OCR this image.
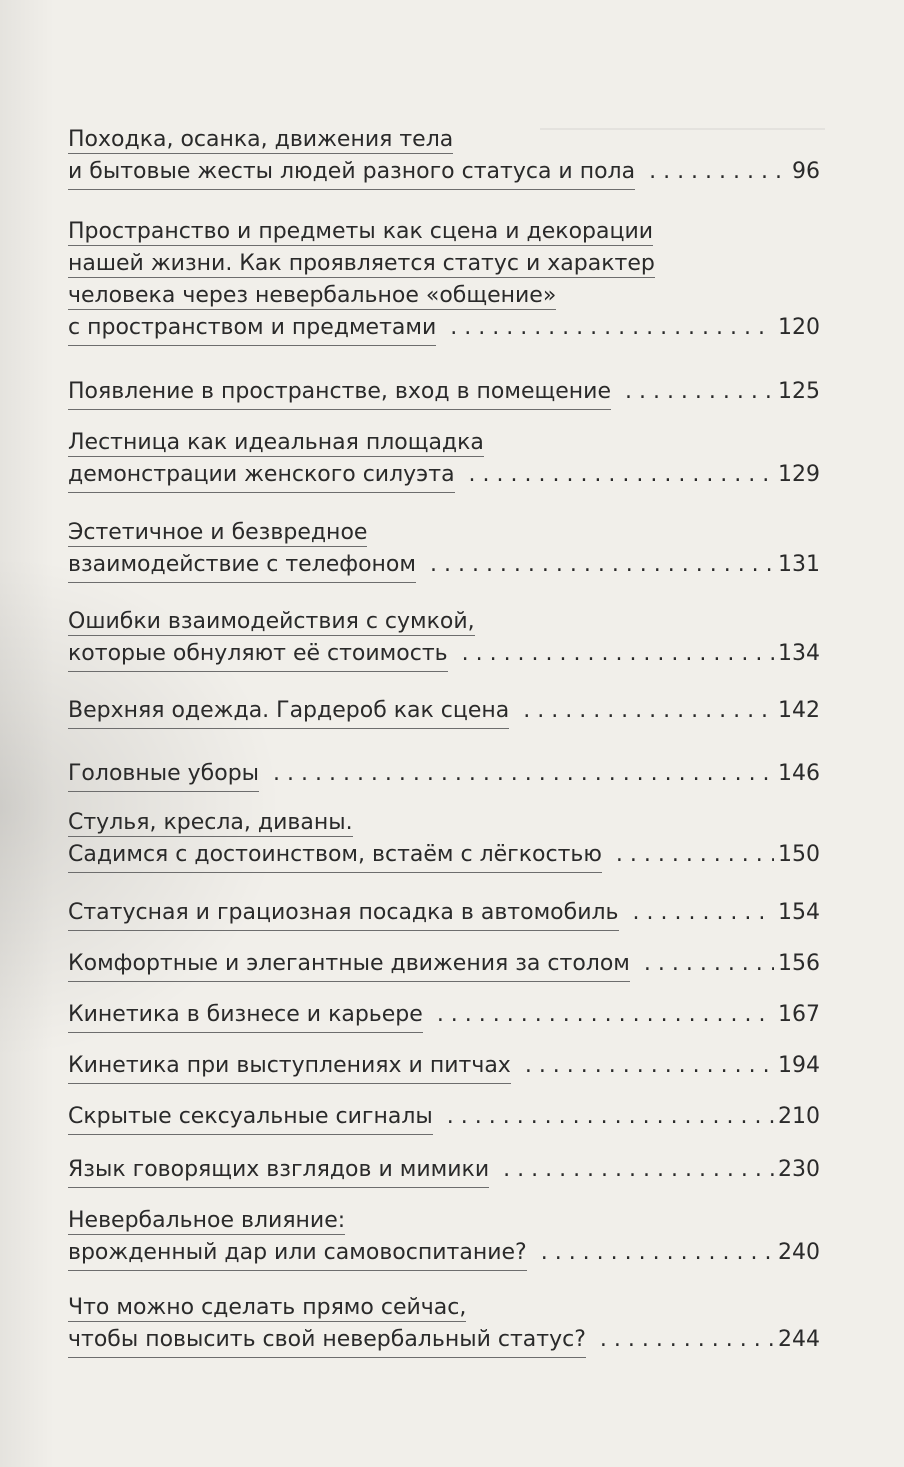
Походка, осанка, движения тела
и бытовые жесты людей разного статуса и пола . . .	96
Пространство и предметы как сцена и декорации
нашей жизни. Как проявляется статус и характер
человека через невербальное «общение»
с пространством и предметами . . .	120
Появление в пространстве, вход в помещение . . .	125
Лестница как идеальная площадка
демонстрации женского силуэта . . .	129
Эстетичное и безвредное
взаимодействие с телефоном . . .	131
Ошибки взаимодействия с сумкой,
которые обнуляют её стоимость . . .	134
Верхняя одежда. Гардероб как сцена . . .	142
Головные уборы . . .	146
Стулья, кресла, диваны.
Садимся с достоинством, встаём с лёгкостью . . .	150
Статусная и грациозная посадка в автомобиль . . .	154
Комфортные и элегантные движения за столом . . .	156
Кинетика в бизнесе и карьере . . .	167
Кинетика при выступлениях и питчах . . .	194
Скрытые сексуальные сигналы . . .	210
Язык говорящих взглядов и мимики . . .	230
Невербальное влияние:
врожденный дар или самовоспитание? . . .	240
Что можно сделать прямо сейчас,
чтобы повысить свой невербальный статус? . . .	244
